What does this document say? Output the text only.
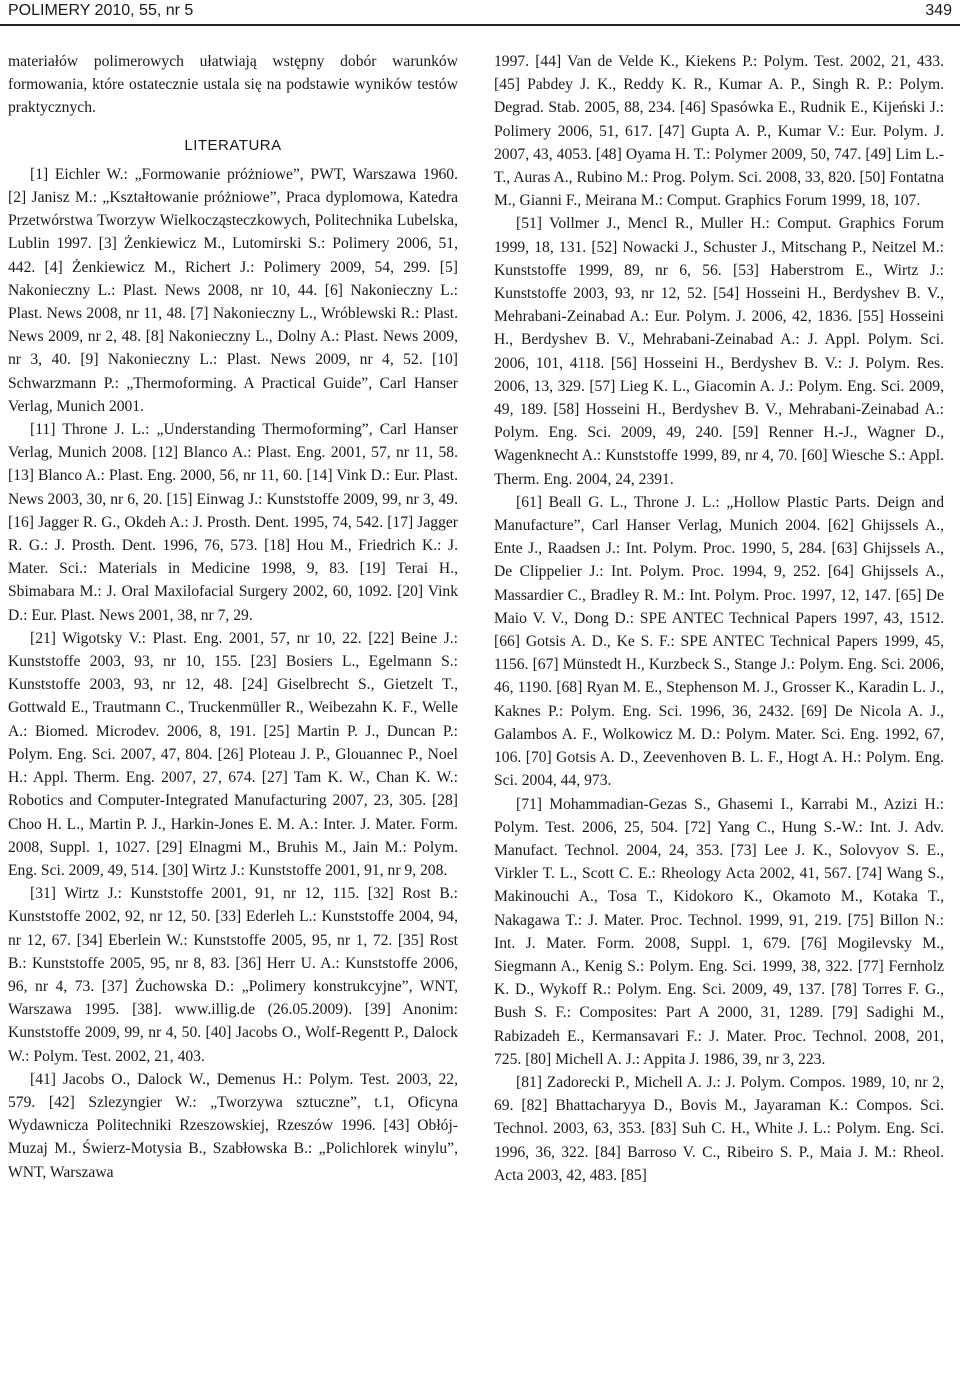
POLIMERY 2010, 55, nr 5	349

materiałów polimerowych ułatwiają wstępny dobór warunków formowania, które ostatecznie ustala się na podstawie wyników testów praktycznych.

LITERATURA

[1] Eichler W.: „Formowanie próżniowe”, PWT, Warszawa 1960. [2] Janisz M.: „Kształtowanie próżniowe”, Praca dyplomowa, Katedra Przetwórstwa Tworzyw Wielkocząsteczkowych, Politechnika Lubelska, Lublin 1997. [3] Żenkiewicz M., Lutomirski S.: Polimery 2006, 51, 442. [4] Żenkiewicz M., Richert J.: Polimery 2009, 54, 299. [5] Nakonieczny L.: Plast. News 2008, nr 10, 44. [6] Nakonieczny L.: Plast. News 2008, nr 11, 48. [7] Nakonieczny L., Wróblewski R.: Plast. News 2009, nr 2, 48. [8] Nakonieczny L., Dolny A.: Plast. News 2009, nr 3, 40. [9] Nakonieczny L.: Plast. News 2009, nr 4, 52. [10] Schwarzmann P.: „Thermoforming. A Practical Guide”, Carl Hanser Verlag, Munich 2001.

[11] Throne J. L.: „Understanding Thermoforming”, Carl Hanser Verlag, Munich 2008. [12] Blanco A.: Plast. Eng. 2001, 57, nr 11, 58. [13] Blanco A.: Plast. Eng. 2000, 56, nr 11, 60. [14] Vink D.: Eur. Plast. News 2003, 30, nr 6, 20. [15] Einwag J.: Kunststoffe 2009, 99, nr 3, 49. [16] Jagger R. G., Okdeh A.: J. Prosth. Dent. 1995, 74, 542. [17] Jagger R. G.: J. Prosth. Dent. 1996, 76, 573. [18] Hou M., Friedrich K.: J. Mater. Sci.: Materials in Medicine 1998, 9, 83. [19] Terai H., Sbimabara M.: J. Oral Maxilofacial Surgery 2002, 60, 1092. [20] Vink D.: Eur. Plast. News 2001, 38, nr 7, 29.

[21] Wigotsky V.: Plast. Eng. 2001, 57, nr 10, 22. [22] Beine J.: Kunststoffe 2003, 93, nr 10, 155. [23] Bosiers L., Egelmann S.: Kunststoffe 2003, 93, nr 12, 48. [24] Giselbrecht S., Gietzelt T., Gottwald E., Trautmann C., Truckenmüller R., Weibezahn K. F., Welle A.: Biomed. Microdev. 2006, 8, 191. [25] Martin P. J., Duncan P.: Polym. Eng. Sci. 2007, 47, 804. [26] Ploteau J. P., Glouannec P., Noel H.: Appl. Therm. Eng. 2007, 27, 674. [27] Tam K. W., Chan K. W.: Robotics and Computer-Integrated Manufacturing 2007, 23, 305. [28] Choo H. L., Martin P. J., Harkin-Jones E. M. A.: Inter. J. Mater. Form. 2008, Suppl. 1, 1027. [29] Elnagmi M., Bruhis M., Jain M.: Polym. Eng. Sci. 2009, 49, 514. [30] Wirtz J.: Kunststoffe 2001, 91, nr 9, 208.

[31] Wirtz J.: Kunststoffe 2001, 91, nr 12, 115. [32] Rost B.: Kunststoffe 2002, 92, nr 12, 50. [33] Ederleh L.: Kunststoffe 2004, 94, nr 12, 67. [34] Eberlein W.: Kunststoffe 2005, 95, nr 1, 72. [35] Rost B.: Kunststoffe 2005, 95, nr 8, 83. [36] Herr U. A.: Kunststoffe 2006, 96, nr 4, 73. [37] Żuchowska D.: „Polimery konstrukcyjne”, WNT, Warszawa 1995. [38]. www.illig.de (26.05.2009). [39] Anonim: Kunststoffe 2009, 99, nr 4, 50. [40] Jacobs O., Wolf-Regentt P., Dalock W.: Polym. Test. 2002, 21, 403.

[41] Jacobs O., Dalock W., Demenus H.: Polym. Test. 2003, 22, 579. [42] Szlezyngier W.: „Tworzywa sztuczne”, t.1, Oficyna Wydawnicza Politechniki Rzeszowskiej, Rzeszów 1996. [43] Obłój-Muzaj M., Świerz-Motysia B., Szabłowska B.: „Polichlorek winylu”, WNT, Warszawa

1997. [44] Van de Velde K., Kiekens P.: Polym. Test. 2002, 21, 433. [45] Pabdey J. K., Reddy K. R., Kumar A. P., Singh R. P.: Polym. Degrad. Stab. 2005, 88, 234. [46] Spasówka E., Rudnik E., Kijeński J.: Polimery 2006, 51, 617. [47] Gupta A. P., Kumar V.: Eur. Polym. J. 2007, 43, 4053. [48] Oyama H. T.: Polymer 2009, 50, 747. [49] Lim L.-T., Auras A., Rubino M.: Prog. Polym. Sci. 2008, 33, 820. [50] Fontatna M., Gianni F., Meirana M.: Comput. Graphics Forum 1999, 18, 107.

[51] Vollmer J., Mencl R., Muller H.: Comput. Graphics Forum 1999, 18, 131. [52] Nowacki J., Schuster J., Mitschang P., Neitzel M.: Kunststoffe 1999, 89, nr 6, 56. [53] Haberstrom E., Wirtz J.: Kunststoffe 2003, 93, nr 12, 52. [54] Hosseini H., Berdyshev B. V., Mehrabani-Zeinabad A.: Eur. Polym. J. 2006, 42, 1836. [55] Hosseini H., Berdyshev B. V., Mehrabani-Zeinabad A.: J. Appl. Polym. Sci. 2006, 101, 4118. [56] Hosseini H., Berdyshev B. V.: J. Polym. Res. 2006, 13, 329. [57] Lieg K. L., Giacomin A. J.: Polym. Eng. Sci. 2009, 49, 189. [58] Hosseini H., Berdyshev B. V., Mehrabani-Zeinabad A.: Polym. Eng. Sci. 2009, 49, 240. [59] Renner H.-J., Wagner D., Wagenknecht A.: Kunststoffe 1999, 89, nr 4, 70. [60] Wiesche S.: Appl. Therm. Eng. 2004, 24, 2391.

[61] Beall G. L., Throne J. L.: „Hollow Plastic Parts. Deign and Manufacture”, Carl Hanser Verlag, Munich 2004. [62] Ghijssels A., Ente J., Raadsen J.: Int. Polym. Proc. 1990, 5, 284. [63] Ghijssels A., De Clippelier J.: Int. Polym. Proc. 1994, 9, 252. [64] Ghijssels A., Massardier C., Bradley R. M.: Int. Polym. Proc. 1997, 12, 147. [65] De Maio V. V., Dong D.: SPE ANTEC Technical Papers 1997, 43, 1512. [66] Gotsis A. D., Ke S. F.: SPE ANTEC Technical Papers 1999, 45, 1156. [67] Münstedt H., Kurzbeck S., Stange J.: Polym. Eng. Sci. 2006, 46, 1190. [68] Ryan M. E., Stephenson M. J., Grosser K., Karadin L. J., Kaknes P.: Polym. Eng. Sci. 1996, 36, 2432. [69] De Nicola A. J., Galambos A. F., Wolkowicz M. D.: Polym. Mater. Sci. Eng. 1992, 67, 106. [70] Gotsis A. D., Zeevenhoven B. L. F., Hogt A. H.: Polym. Eng. Sci. 2004, 44, 973.

[71] Mohammadian-Gezas S., Ghasemi I., Karrabi M., Azizi H.: Polym. Test. 2006, 25, 504. [72] Yang C., Hung S.-W.: Int. J. Adv. Manufact. Technol. 2004, 24, 353. [73] Lee J. K., Solovyov S. E., Virkler T. L., Scott C. E.: Rheology Acta 2002, 41, 567. [74] Wang S., Makinouchi A., Tosa T., Kidokoro K., Okamoto M., Kotaka T., Nakagawa T.: J. Mater. Proc. Technol. 1999, 91, 219. [75] Billon N.: Int. J. Mater. Form. 2008, Suppl. 1, 679. [76] Mogilevsky M., Siegmann A., Kenig S.: Polym. Eng. Sci. 1999, 38, 322. [77] Fernholz K. D., Wykoff R.: Polym. Eng. Sci. 2009, 49, 137. [78] Torres F. G., Bush S. F.: Composites: Part A 2000, 31, 1289. [79] Sadighi M., Rabizadeh E., Kermansavari F.: J. Mater. Proc. Technol. 2008, 201, 725. [80] Michell A. J.: Appita J. 1986, 39, nr 3, 223.

[81] Zadorecki P., Michell A. J.: J. Polym. Compos. 1989, 10, nr 2, 69. [82] Bhattacharyya D., Bovis M., Jayaraman K.: Compos. Sci. Technol. 2003, 63, 353. [83] Suh C. H., White J. L.: Polym. Eng. Sci. 1996, 36, 322. [84] Barroso V. C., Ribeiro S. P., Maia J. M.: Rheol. Acta 2003, 42, 483. [85]
